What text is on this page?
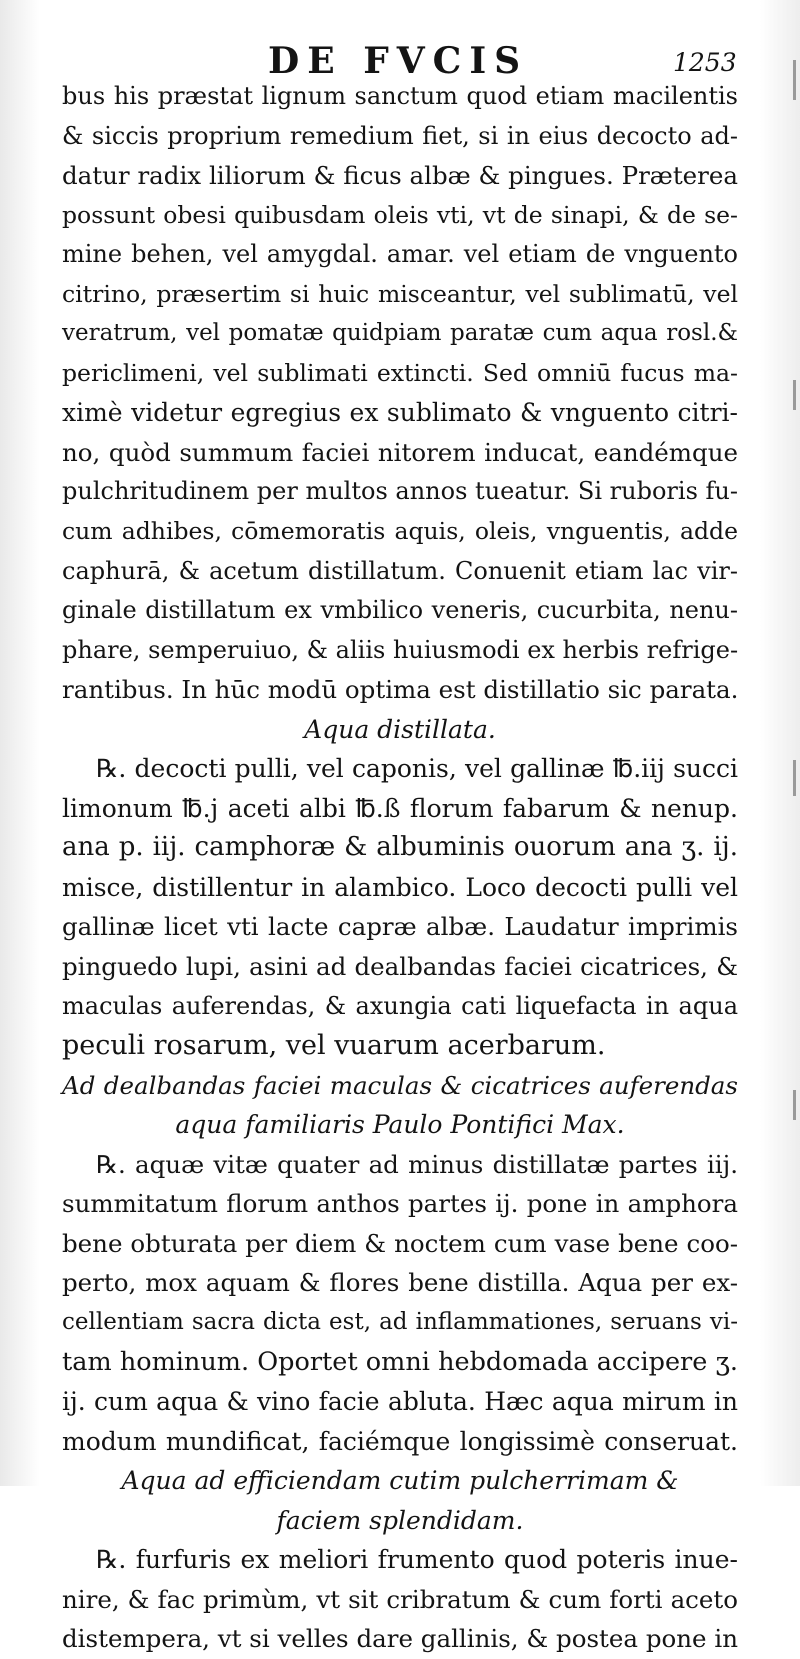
DE FVCIS	1253
bus his præstat lignum sanctum quod etiam macilentis
& siccis proprium remedium fiet, si in eius decocto ad-
datur radix liliorum & ficus albæ & pingues. Præterea
possunt obesi quibusdam oleis vti, vt de sinapi, & de se-
mine behen, vel amygdal. amar. vel etiam de vnguento
citrino, præsertim si huic misceantur, vel sublimatū, vel
veratrum, vel pomatæ quidpiam paratæ cum aqua rosl.&
periclimeni, vel sublimati extincti. Sed omniū fucus ma-
ximè videtur egregius ex sublimato & vnguento citri-
no, quòd summum faciei nitorem inducat, eandémque
pulchritudinem per multos annos tueatur. Si ruboris fu-
cum adhibes, cōmemoratis aquis, oleis, vnguentis, adde
caphurā, & acetum distillatum. Conuenit etiam lac vir-
ginale distillatum ex vmbilico veneris, cucurbita, nenu-
phare, semperuiuo, & aliis huiusmodi ex herbis refrige-
rantibus. In hūc modū optima est distillatio sic parata.
Aqua distillata.
℞. decocti pulli, vel caponis, vel gallinæ ℔.iij succi
limonum ℔.j aceti albi ℔.ß florum fabarum & nenup.
ana p. iij. camphoræ & albuminis ouorum ana ʒ. ij.
misce, distillentur in alambico. Loco decocti pulli vel
gallinæ licet vti lacte capræ albæ. Laudatur imprimis
pinguedo lupi, asini ad dealbandas faciei cicatrices, &
maculas auferendas, & axungia cati liquefacta in aqua
peculi rosarum, vel vuarum acerbarum.
Ad dealbandas faciei maculas & cicatrices auferendas
aqua familiaris Paulo Pontifici Max.
℞. aquæ vitæ quater ad minus distillatæ partes iij.
summitatum florum anthos partes ij. pone in amphora
bene obturata per diem & noctem cum vase bene coo-
perto, mox aquam & flores bene distilla. Aqua per ex-
cellentiam sacra dicta est, ad inflammationes, seruans vi-
tam hominum. Oportet omni hebdomada accipere ʒ.
ij. cum aqua & vino facie abluta. Hæc aqua mirum in
modum mundificat, faciémque longissimè conseruat.
Aqua ad efficiendam cutim pulcherrimam &
faciem splendidam.
℞. furfuris ex meliori frumento quod poteris inue-
nire, & fac primùm, vt sit cribratum & cum forti aceto
distempera, vt si velles dare gallinis, & postea pone in
